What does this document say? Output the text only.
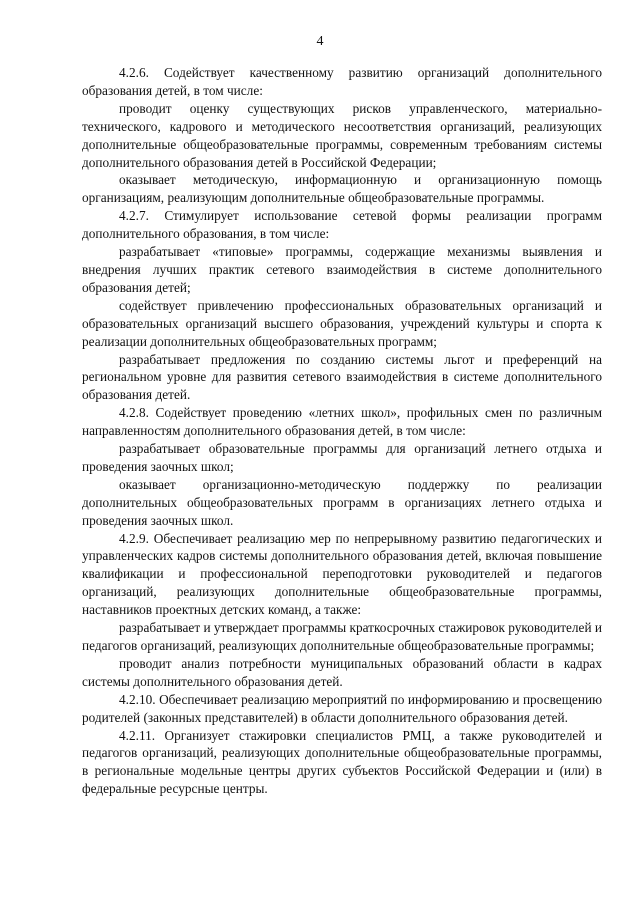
4

4.2.6. Содействует качественному развитию организаций дополнительного образования детей, в том числе:

проводит оценку существующих рисков управленческого, материально-технического, кадрового и методического несоответствия организаций, реализующих дополнительные общеобразовательные программы, современным требованиям системы дополнительного образования детей в Российской Федерации;

оказывает методическую, информационную и организационную помощь организациям, реализующим дополнительные общеобразовательные программы.

4.2.7. Стимулирует использование сетевой формы реализации программ дополнительного образования, в том числе:

разрабатывает «типовые» программы, содержащие механизмы выявления и внедрения лучших практик сетевого взаимодействия в системе дополнительного образования детей;

содействует привлечению профессиональных образовательных организаций и образовательных организаций высшего образования, учреждений культуры и спорта к реализации дополнительных общеобразовательных программ;

разрабатывает предложения по созданию системы льгот и преференций на региональном уровне для развития сетевого взаимодействия в системе дополнительного образования детей.

4.2.8. Содействует проведению «летних школ», профильных смен по различным направленностям дополнительного образования детей, в том числе:

разрабатывает образовательные программы для организаций летнего отдыха и проведения заочных школ;

оказывает организационно-методическую поддержку по реализации дополнительных общеобразовательных программ в организациях летнего отдыха и проведения заочных школ.

4.2.9. Обеспечивает реализацию мер по непрерывному развитию педагогических и управленческих кадров системы дополнительного образования детей, включая повышение квалификации и профессиональной переподготовки руководителей и педагогов организаций, реализующих дополнительные общеобразовательные программы, наставников проектных детских команд, а также:

разрабатывает и утверждает программы краткосрочных стажировок руководителей и педагогов организаций, реализующих дополнительные общеобразовательные программы;

проводит анализ потребности муниципальных образований области в кадрах системы дополнительного образования детей.

4.2.10. Обеспечивает реализацию мероприятий по информированию и просвещению родителей (законных представителей) в области дополнительного образования детей.

4.2.11. Организует стажировки специалистов РМЦ, а также руководителей и педагогов организаций, реализующих дополнительные общеобразовательные программы, в региональные модельные центры других субъектов Российской Федерации и (или) в федеральные ресурсные центры.
